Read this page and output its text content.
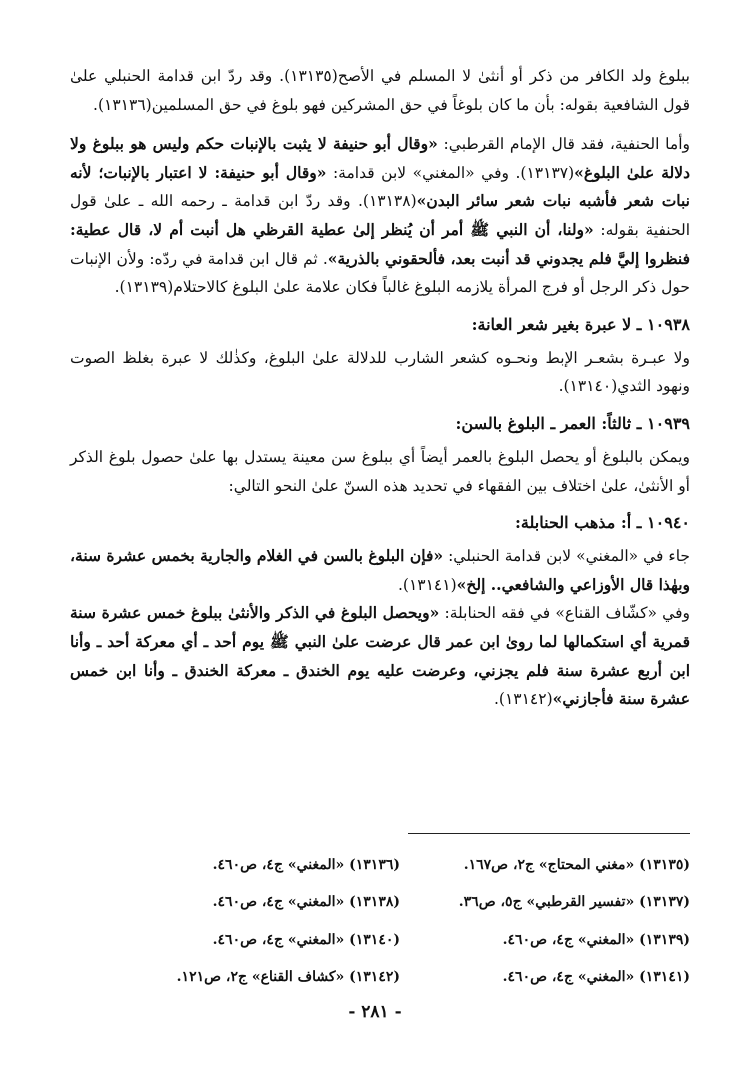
ببلوغ ولد الكافر من ذكر أو أنثىٰ لا المسلم في الأصح(١٣١٣٥). وقد ردّ ابن قدامة الحنبلي علىٰ قول الشافعية بقوله: بأن ما كان بلوغاً في حق المشركين فهو بلوغ في حق المسلمين(١٣١٣٦).

وأما الحنفية، فقد قال الإمام القرطبي: «وقال أبو حنيفة لا يثبت بالإنبات حكم وليس هو ببلوغ ولا دلالة علىٰ البلوغ»(١٣١٣٧). وفي «المغني» لابن قدامة: «وقال أبو حنيفة: لا اعتبار بالإنبات؛ لأنه نبات شعر فأشبه نبات شعر سائر البدن»(١٣١٣٨). وقد ردّ ابن قدامة ـ رحمه الله ـ علىٰ قول الحنفية بقوله: «ولنا، أن النبي ﷺ أمر أن يُنظر إلىٰ عطية القرظي هل أنبت أم لا، قال عطية: فنظروا إليَّ فلم يجدوني قد أنبت بعد، فألحقوني بالذرية». ثم قال ابن قدامة في ردّه: ولأن الإنبات حول ذكر الرجل أو فرج المرأة يلازمه البلوغ غالباً فكان علامة علىٰ البلوغ كالاحتلام(١٣١٣٩).

١٠٩٣٨ ـ لا عبرة بغير شعر العانة:

ولا عبـرة بشعـر الإبط ونحـوه كشعر الشارب للدلالة علىٰ البلوغ، وكذٰلك لا عبرة بغلظ الصوت ونهود الثدي(١٣١٤٠).

١٠٩٣٩ ـ ثالثاً: العمر ـ البلوغ بالسن:

ويمكن بالبلوغ أو يحصل البلوغ بالعمر أيضاً أي ببلوغ سن معينة يستدل بها علىٰ حصول بلوغ الذكر أو الأنثىٰ، علىٰ اختلاف بين الفقهاء في تحديد هذه السنّ علىٰ النحو التالي:

١٠٩٤٠ ـ أ: مذهب الحنابلة:

جاء في «المغني» لابن قدامة الحنبلي: «فإن البلوغ بالسن في الغلام والجارية بخمس عشرة سنة، وبهٰذا قال الأوزاعي والشافعي.. إلخ»(١٣١٤١).

وفي «كشّاف القناع» في فقه الحنابلة: «ويحصل البلوغ في الذكر والأنثىٰ ببلوغ خمس عشرة سنة قمرية أي استكمالها لما روىٰ ابن عمر قال عرضت علىٰ النبي ﷺ يوم أحد ـ أي معركة أحد ـ وأنا ابن أربع عشرة سنة فلم يجزني، وعرضت عليه يوم الخندق ـ معركة الخندق ـ وأنا ابن خمس عشرة سنة فأجازني»(١٣١٤٢).

(١٣١٣٥) «مغني المحتاج» ج٢، ص١٦٧.
(١٣١٣٦) «المغني» ج٤، ص٤٦٠.
(١٣١٣٧) «تفسير القرطبي» ج٥، ص٣٦.
(١٣١٣٨) «المغني» ج٤، ص٤٦٠.
(١٣١٣٩) «المغني» ج٤، ص٤٦٠.
(١٣١٤٠) «المغني» ج٤، ص٤٦٠.
(١٣١٤١) «المغني» ج٤، ص٤٦٠.
(١٣١٤٢) «كشاف القناع» ج٢، ص١٢١.
- ٢٨١ -
